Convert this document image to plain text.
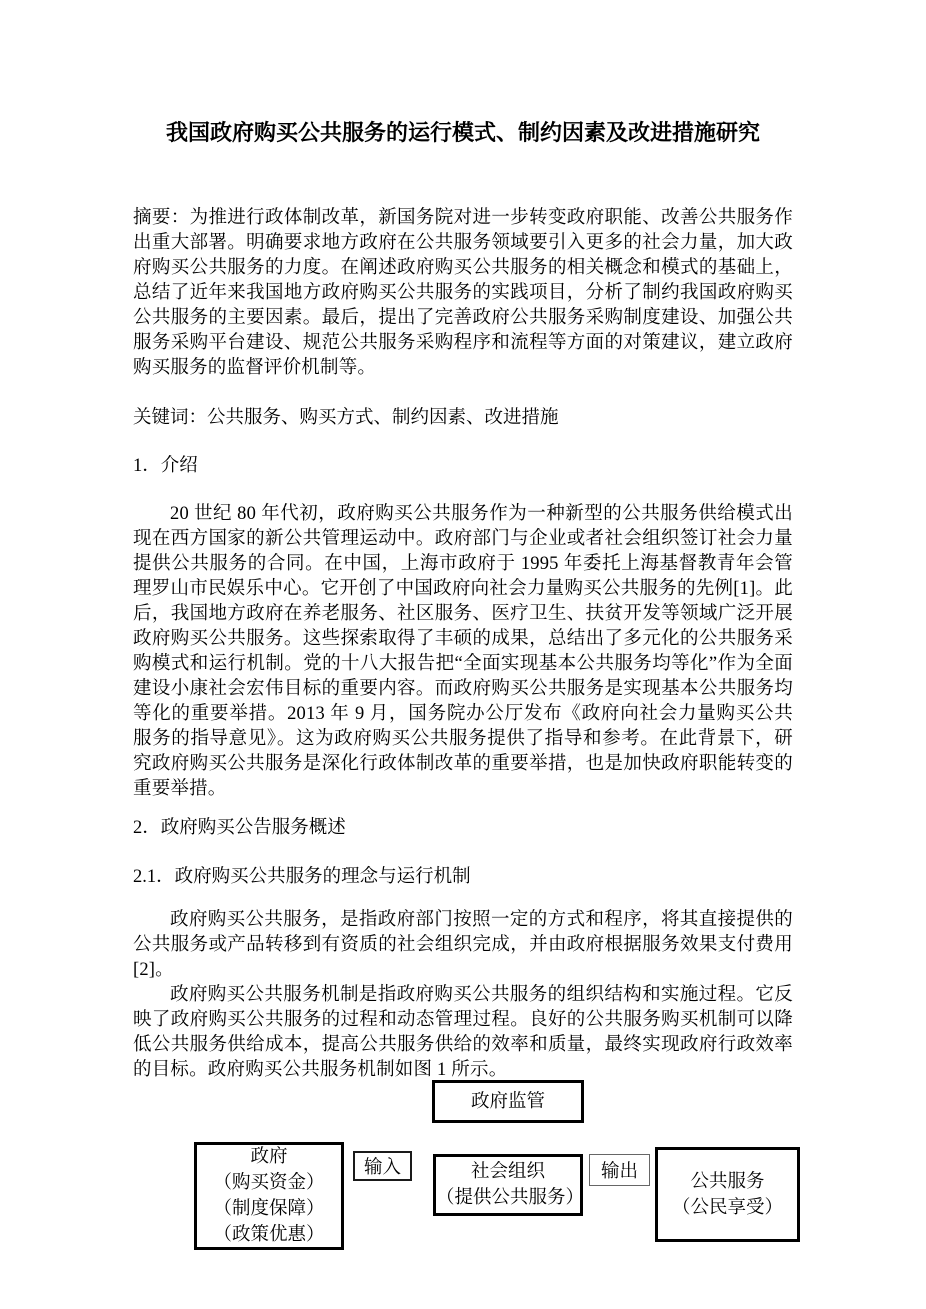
我国政府购买公共服务的运行模式、制约因素及改进措施研究

摘要：为推进行政体制改革，新国务院对进一步转变政府职能、改善公共服务作出重大部署。明确要求地方政府在公共服务领域要引入更多的社会力量，加大政府购买公共服务的力度。在阐述政府购买公共服务的相关概念和模式的基础上，总结了近年来我国地方政府购买公共服务的实践项目，分析了制约我国政府购买公共服务的主要因素。最后，提出了完善政府公共服务采购制度建设、加强公共服务采购平台建设、规范公共服务采购程序和流程等方面的对策建议，建立政府购买服务的监督评价机制等。

关键词：公共服务、购买方式、制约因素、改进措施

1．介绍

20 世纪 80 年代初，政府购买公共服务作为一种新型的公共服务供给模式出现在西方国家的新公共管理运动中。政府部门与企业或者社会组织签订社会力量提供公共服务的合同。在中国，上海市政府于 1995 年委托上海基督教青年会管理罗山市民娱乐中心。它开创了中国政府向社会力量购买公共服务的先例[1]。此后，我国地方政府在养老服务、社区服务、医疗卫生、扶贫开发等领域广泛开展政府购买公共服务。这些探索取得了丰硕的成果，总结出了多元化的公共服务采购模式和运行机制。党的十八大报告把“全面实现基本公共服务均等化”作为全面建设小康社会宏伟目标的重要内容。而政府购买公共服务是实现基本公共服务均等化的重要举措。2013 年 9 月，国务院办公厅发布《政府向社会力量购买公共服务的指导意见》。这为政府购买公共服务提供了指导和参考。在此背景下，研究政府购买公共服务是深化行政体制改革的重要举措，也是加快政府职能转变的重要举措。

2．政府购买公告服务概述
2.1．政府购买公共服务的理念与运行机制

政府购买公共服务，是指政府部门按照一定的方式和程序，将其直接提供的公共服务或产品转移到有资质的社会组织完成，并由政府根据服务效果支付费用[2]。

政府购买公共服务机制是指政府购买公共服务的组织结构和实施过程。它反映了政府购买公共服务的过程和动态管理过程。良好的公共服务购买机制可以降低公共服务供给成本，提高公共服务供给的效率和质量，最终实现政府行政效率的目标。政府购买公共服务机制如图 1 所示。

政府监管
政府
（购买资金）
（制度保障）
（政策优惠）
输入	社会组织
（提供公共服务）
输出	公共服务
（公民享受）
